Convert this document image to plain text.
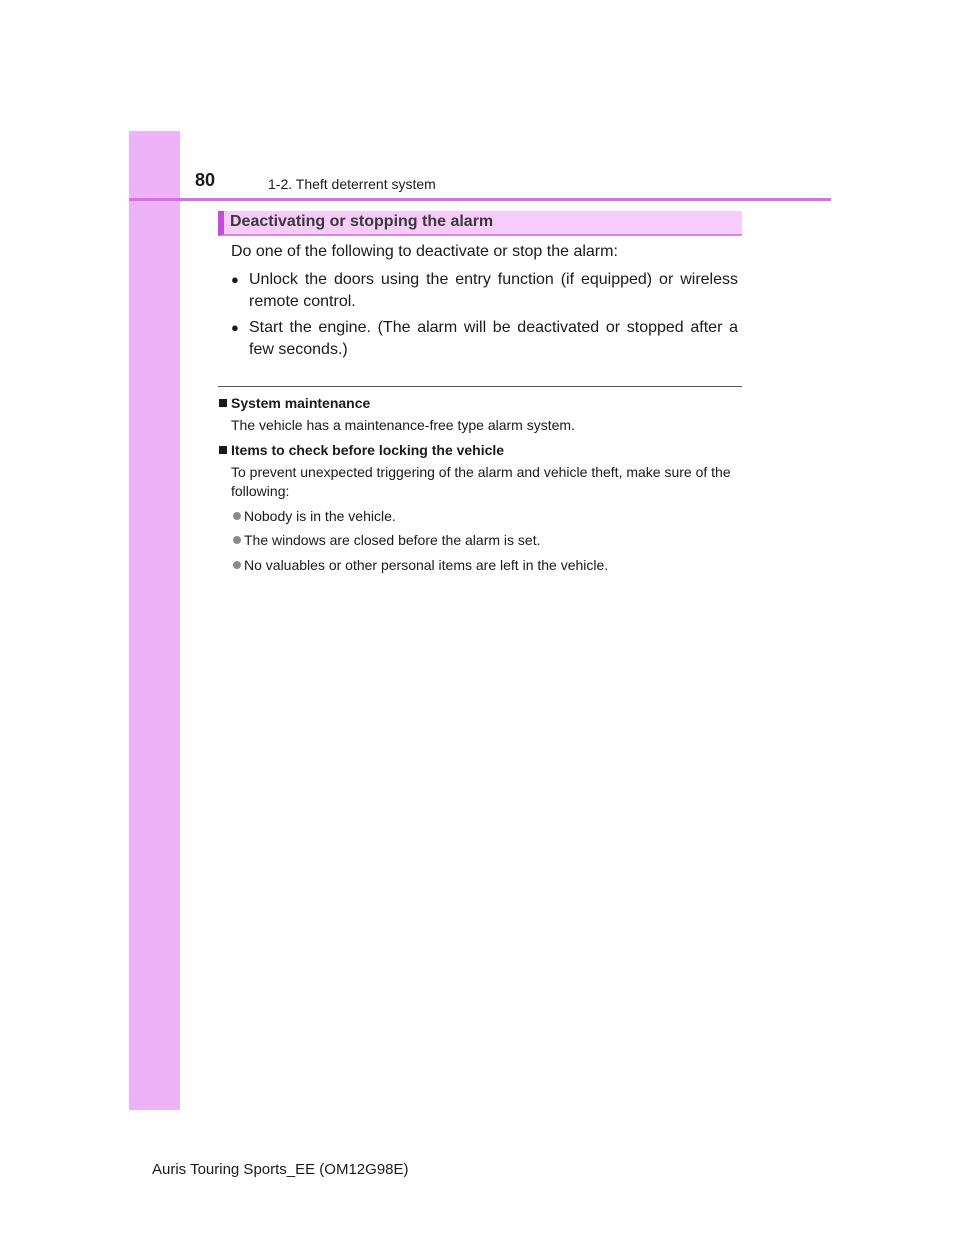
80	1-2. Theft deterrent system
Deactivating or stopping the alarm
Do one of the following to deactivate or stop the alarm:
● Unlock the doors using the entry function (if equipped) or wireless remote control.
● Start the engine. (The alarm will be deactivated or stopped after a few seconds.)
System maintenance
The vehicle has a maintenance-free type alarm system.
Items to check before locking the vehicle
To prevent unexpected triggering of the alarm and vehicle theft, make sure of the following:
Nobody is in the vehicle.
The windows are closed before the alarm is set.
No valuables or other personal items are left in the vehicle.
Auris Touring Sports_EE (OM12G98E)
